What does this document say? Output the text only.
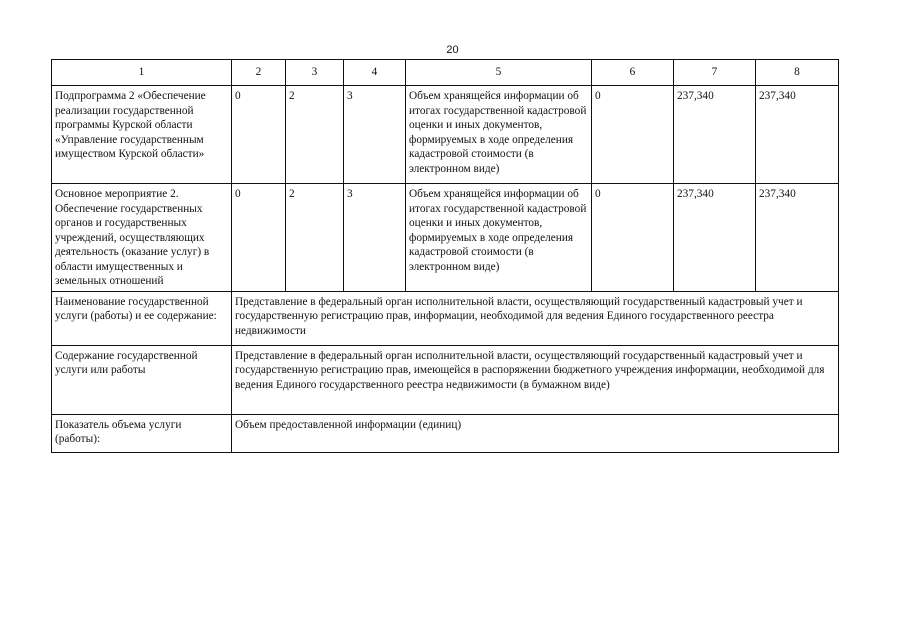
20
1	2	3	4	5	6	7	8
Подпрограмма 2 «Обеспечение реализации государственной программы Курской области «Управление государственным имуществом Курской области»	0	2	3	Объем хранящейся информации об итогах государственной кадастровой оценки и иных документов, формируемых в ходе определения кадастровой стоимости (в электронном виде)	0	237,340	237,340
Основное мероприятие 2. Обеспечение государственных органов и государственных учреждений, осуществляющих деятельность (оказание услуг) в области имущественных и земельных отношений	0	2	3	Объем хранящейся информации об итогах государственной кадастровой оценки и иных документов, формируемых в ходе определения кадастровой стоимости (в электронном виде)	0	237,340	237,340
Наименование государственной услуги (работы) и ее содержание:	Представление в федеральный орган исполнительной власти, осуществляющий государственный кадастровый учет и государственную регистрацию прав, информации, необходимой для ведения Единого государственного реестра недвижимости						
Содержание государственной услуги или работы	Представление в федеральный орган исполнительной власти, осуществляющий государственный кадастровый учет и государственную регистрацию прав, имеющейся в распоряжении бюджетного учреждения информации, необходимой для ведения Единого государственного реестра недвижимости (в бумажном виде)						
Показатель объема услуги (работы):	Объем предоставленной информации (единиц)						
